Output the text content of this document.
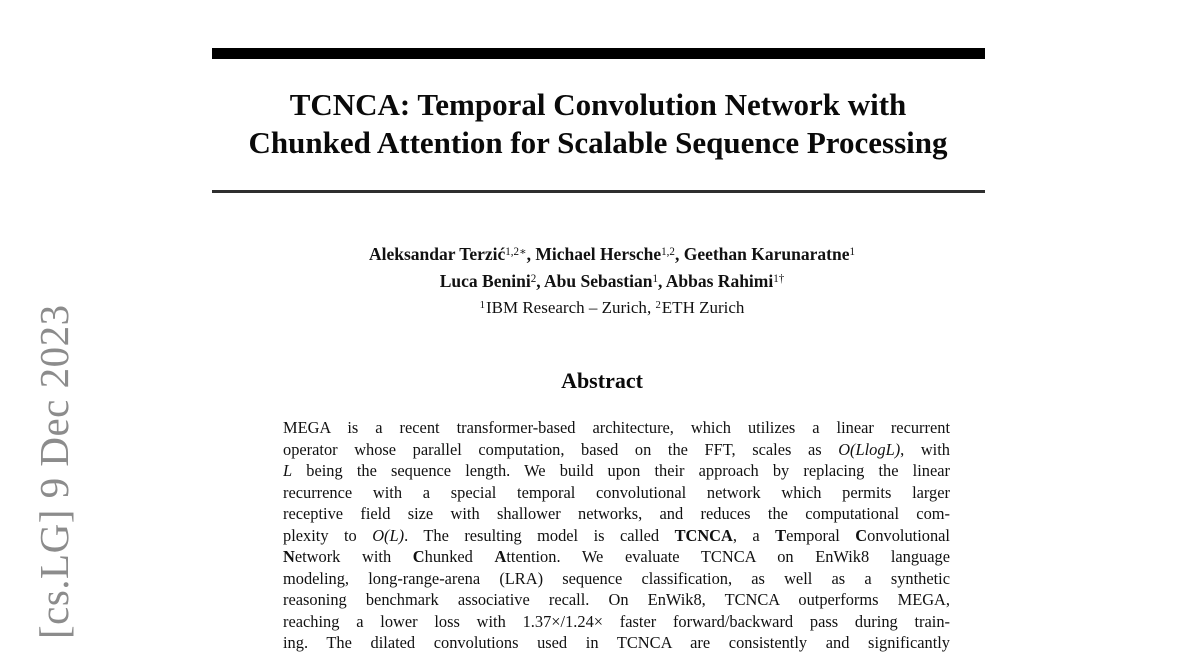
[cs.LG] 9 Dec 2023
TCNCA: Temporal Convolution Network with
Chunked Attention for Scalable Sequence Processing
Aleksandar Terzić$^{1,2∗}$, Michael Hersche$^{1,2}$, Geethan Karunaratne$^1$
Luca Benini$^2$, Abu Sebastian$^1$, Abbas Rahimi$^{1\dagger}$
$^1$IBM Research – Zurich, $^2$ETH Zurich
Abstract
MEGA is a recent transformer-based architecture, which utilizes a linear recurrent
operator whose parallel computation, based on the FFT, scales as O(LlogL), with
L being the sequence length. We build upon their approach by replacing the linear
recurrence with a special temporal convolutional network which permits larger
receptive field size with shallower networks, and reduces the computational com-
plexity to O(L). The resulting model is called TCNCA, a Temporal Convolutional
Network with Chunked Attention. We evaluate TCNCA on EnWik8 language
modeling, long-range-arena (LRA) sequence classification, as well as a synthetic
reasoning benchmark associative recall. On EnWik8, TCNCA outperforms MEGA,
reaching a lower loss with 1.37×/1.24× faster forward/backward pass during train-
ing. The dilated convolutions used in TCNCA are consistently and significantly
